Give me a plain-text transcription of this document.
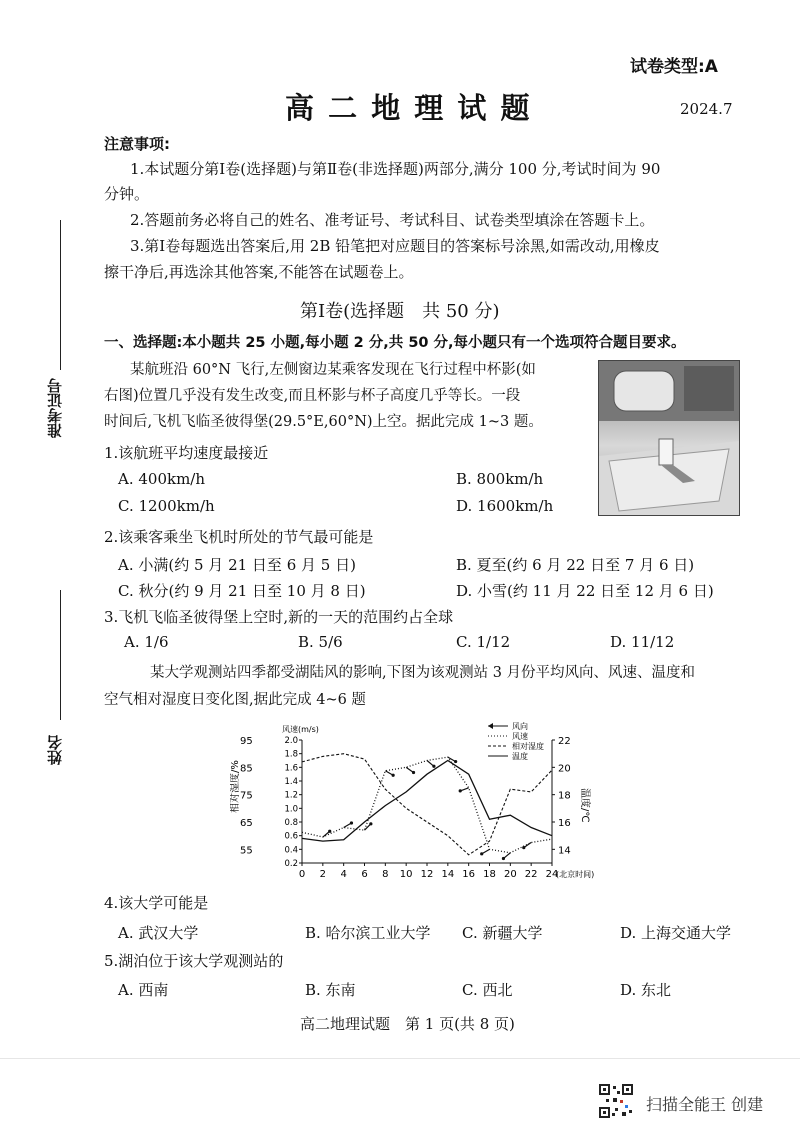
准考证号
姓名
试卷类型:A
高 二 地 理 试 题	2024.7
注意事项:
1.本试题分第Ⅰ卷(选择题)与第Ⅱ卷(非选择题)两部分,满分 100 分,考试时间为 90
分钟。
2.答题前务必将自己的姓名、准考证号、考试科目、试卷类型填涂在答题卡上。
3.第Ⅰ卷每题选出答案后,用 2B 铅笔把对应题目的答案标号涂黑,如需改动,用橡皮
擦干净后,再选涂其他答案,不能答在试题卷上。
第Ⅰ卷(选择题　共 50 分)
一、选择题:本小题共 25 小题,每小题 2 分,共 50 分,每小题只有一个选项符合题目要求。
某航班沿 60°N 飞行,左侧窗边某乘客发现在飞行过程中杯影(如
右图)位置几乎没有发生改变,而且杯影与杯子高度几乎等长。一段
时间后,飞机飞临圣彼得堡(29.5°E,60°N)上空。据此完成 1~3 题。
1.该航班平均速度最接近
A. 400km/h	B. 800km/h
C. 1200km/h	D. 1600km/h
2.该乘客乘坐飞机时所处的节气最可能是
A. 小满(约 5 月 21 日至 6 月 5 日)	B. 夏至(约 6 月 22 日至 7 月 6 日)
C. 秋分(约 9 月 21 日至 10 月 8 日)	D. 小雪(约 11 月 22 日至 12 月 6 日)
3.飞机飞临圣彼得堡上空时,新的一天的范围约占全球
A. 1/6	B. 5/6	C. 1/12	D. 11/12
某大学观测站四季都受湖陆风的影响,下图为该观测站 3 月份平均风向、风速、温度和
空气相对湿度日变化图,据此完成 4~6 题
0 2 4 6 8 10 12 14 16 18 20 22 24
(北京时间)
95
85
75
65
55
相对湿度/%
2.0
1.8
1.6
1.4
1.2
1.0
0.8
0.6
0.4
0.2
风速(m/s)
22
20
18
16
14
温度/℃
风向
风速
相对湿度
温度
4.该大学可能是
A. 武汉大学	B. 哈尔滨工业大学 C. 新疆大学	D. 上海交通大学
5.湖泊位于该大学观测站的
A. 西南	B. 东南	C. 西北	D. 东北
高二地理试题　第 1 页(共 8 页)
扫描全能王 创建
